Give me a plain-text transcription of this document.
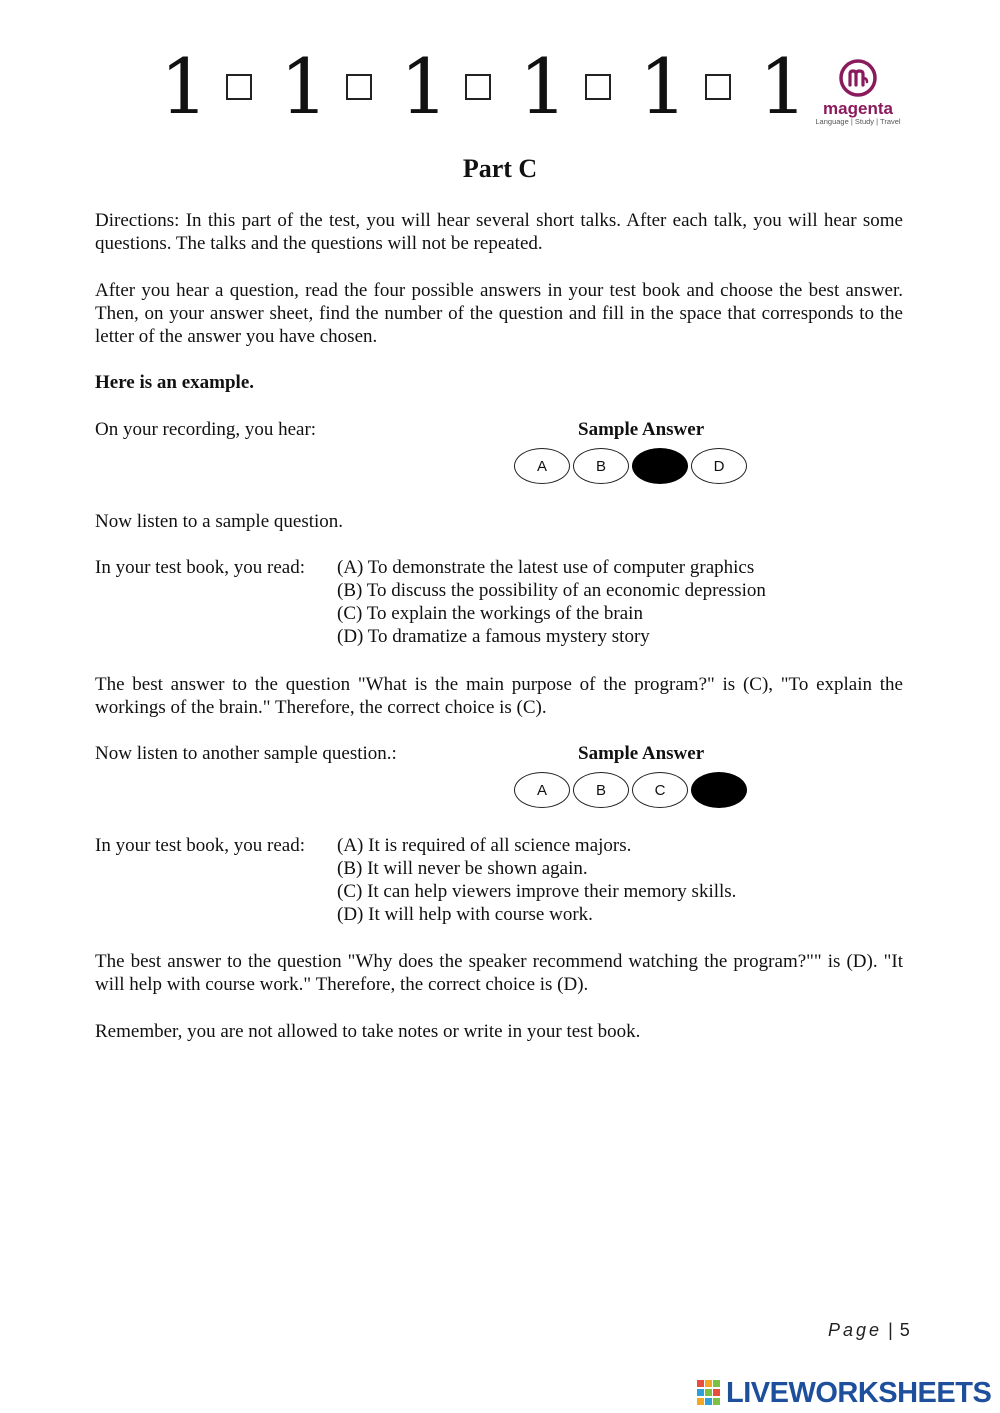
1 1 1 1 1 1 magenta
Language | Study | Travel
Part C
Directions: In this part of the test, you will hear several short talks. After each talk, you will hear some questions. The talks and the questions will not be repeated.
After you hear a question, read the four possible answers in your test book and choose the best answer. Then, on your answer sheet, find the number of the question and fill in the space that corresponds to the letter of the answer you have chosen.
Here is an example.
On your recording, you hear:	Sample Answer
A	B	D
Now listen to a sample question.
In your test book, you read: (A) To demonstrate the latest use of computer graphics
(B) To discuss the possibility of an economic depression
(C) To explain the workings of the brain
(D) To dramatize a famous mystery story
The best answer to the question "What is the main purpose of the program?" is (C), "To explain the workings of the brain." Therefore, the correct choice is (C).
Now listen to another sample question.:	Sample Answer
A	B	C
In your test book, you read: (A) It is required of all science majors.
(B) It will never be shown again.
(C) It can help viewers improve their memory skills.
(D) It will help with course work.
The best answer to the question "Why does the speaker recommend watching the program?"" is (D). "It will help with course work." Therefore, the correct choice is (D).
Remember, you are not allowed to take notes or write in your test book.
Page | 5
LIVEWORKSHEETS
